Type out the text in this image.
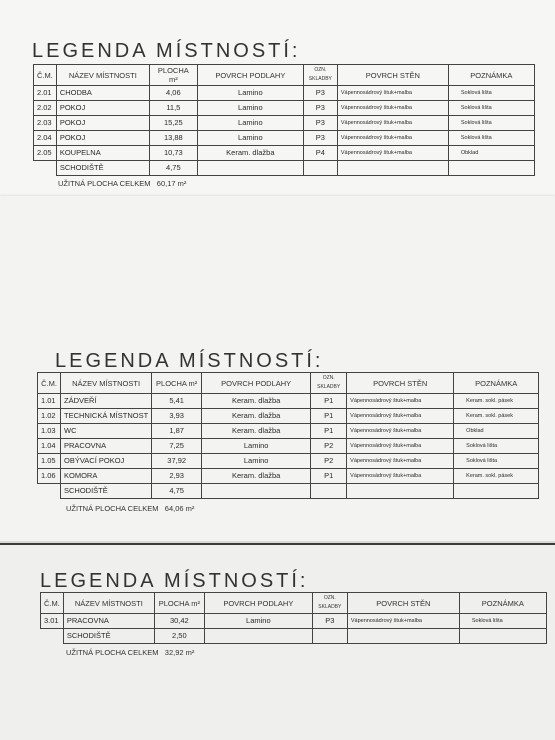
LEGENDA MÍSTNOSTÍ:
Č.M.	NÁZEV MÍSTNOSTI	PLOCHA m²	POVRCH PODLAHY	OZN. SKLADBY	POVRCH STĚN	POZNÁMKA
2.01	CHODBA	4,06	Lamino	P3	Vápennosádrový štuk+malba	Soklová lišta
2.02	POKOJ	11,5	Lamino	P3	Vápennosádrový štuk+malba	Soklová lišta
2.03	POKOJ	15,25	Lamino	P3	Vápennosádrový štuk+malba	Soklová lišta
2.04	POKOJ	13,88	Lamino	P3	Vápennosádrový štuk+malba	Soklová lišta
2.05	KOUPELNA	10,73	Keram. dlažba	P4	Vápennosádrový štuk+malba	Obklad
	SCHODIŠTĚ	4,75				
UŽITNÁ PLOCHA CELKEM 60,17 m²
LEGENDA MÍSTNOSTÍ:
Č.M.	NÁZEV MÍSTNOSTI	PLOCHA m²	POVRCH PODLAHY	OZN. SKLADBY	POVRCH STĚN	POZNÁMKA
1.01	ZÁDVEŘÍ	5,41	Keram. dlažba	P1	Vápennosádrový štuk+malba	Keram. sokl. pásek
1.02	TECHNICKÁ MÍSTNOST	3,93	Keram. dlažba	P1	Vápennosádrový štuk+malba	Keram. sokl. pásek
1.03	WC	1,87	Keram. dlažba	P1	Vápennosádrový štuk+malba	Obklad
1.04	PRACOVNA	7,25	Lamino	P2	Vápennosádrový štuk+malba	Soklová lišta
1.05	OBÝVACÍ POKOJ	37,92	Lamino	P2	Vápennosádrový štuk+malba	Soklová lišta
1.06	KOMORA	2,93	Keram. dlažba	P1	Vápennosádrový štuk+malba	Keram. sokl. pásek
	SCHODIŠTĚ	4,75				
UŽITNÁ PLOCHA CELKEM 64,06 m²
LEGENDA MÍSTNOSTÍ:
Č.M.	NÁZEV MÍSTNOSTI	PLOCHA m²	POVRCH PODLAHY	OZN. SKLADBY	POVRCH STĚN	POZNÁMKA
3.01	PRACOVNA	30,42	Lamino	P3	Vápennosádrový štuk+malba	Soklová lišta
	SCHODIŠTĚ	2,50				
UŽITNÁ PLOCHA CELKEM 32,92 m²
